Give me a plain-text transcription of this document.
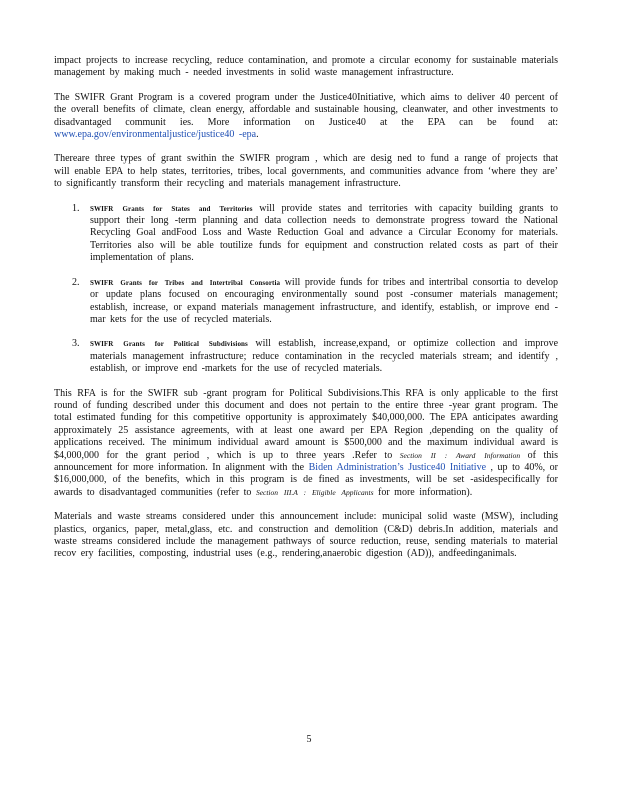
impact projects to increase recycling, reduce contamination, and promote a circular economy for sustainable materials management by making much - needed investments in solid waste management infrastructure.

The SWIFR Grant Program is a covered program under the Justice40Initiative, which aims to deliver 40 percent of the overall benefits of climate, clean energy, affordable and sustainable housing, cleanwater, and other investments to disadvantaged communit ies. More information on Justice40 at the EPA can be found at: www.epa.gov/environmentaljustice/justice40 -epa.

Thereare three types of grant swithin the SWIFR program , which are desig ned to fund a range of projects that will enable EPA to help states, territories, tribes, local governments, and communities advance from ‘where they are’ to significantly transform their recycling and materials management infrastructure.

1. SWIFR Grants for States and Territories will provide states and territories with capacity building grants to support their long -term planning and data collection needs to demonstrate progress toward the National Recycling Goal andFood Loss and Waste Reduction Goal and advance a Circular Economy for materials. Territories also will be able toutilize funds for equipment and construction related costs as part of their implementation of plans.
2. SWIFR Grants for Tribes and Intertribal Consortia will provide funds for tribes and intertribal consortia to develop or update plans focused on encouraging environmentally sound post -consumer materials management; establish, increase, or expand materials management infrastructure, and identify, establish, or improve end -mar kets for the use of recycled materials.
3. SWIFR Grants for Political Subdivisions will establish, increase,expand, or optimize collection and improve materials management infrastructure; reduce contamination in the recycled materials stream; and identify , establish, or improve end -markets for the use of recycled materials.

This RFA is for the SWIFR sub -grant program for Political Subdivisions.This RFA is only applicable to the first round of funding described under this document and does not pertain to the entire three -year grant program. The total estimated funding for this competitive opportunity is approximately $40,000,000. The EPA anticipates awarding approximately 25 assistance agreements, with at least one award per EPA Region ,depending on the quality of applications received. The minimum individual award amount is $500,000 and the maximum individual award is $4,000,000 for the grant period , which is up to three years .Refer to Section II : Award Information of this announcement for more information. In alignment with the Biden Administration’s Justice40 Initiative , up to 40%, or $16,000,000, of the benefits, which in this program is de fined as investments, will be set -asidespecifically for awards to disadvantaged communities (refer to Section III.A : Eligible Applicants for more information).

Materials and waste streams considered under this announcement include: municipal solid waste (MSW), including plastics, organics, paper, metal,glass, etc. and construction and demolition (C&D) debris.In addition, materials and waste streams considered include the management pathways of source reduction, reuse, sending materials to material recov ery facilities, composting, industrial uses (e.g., rendering,anaerobic digestion (AD)), andfeedinganimals.

5
